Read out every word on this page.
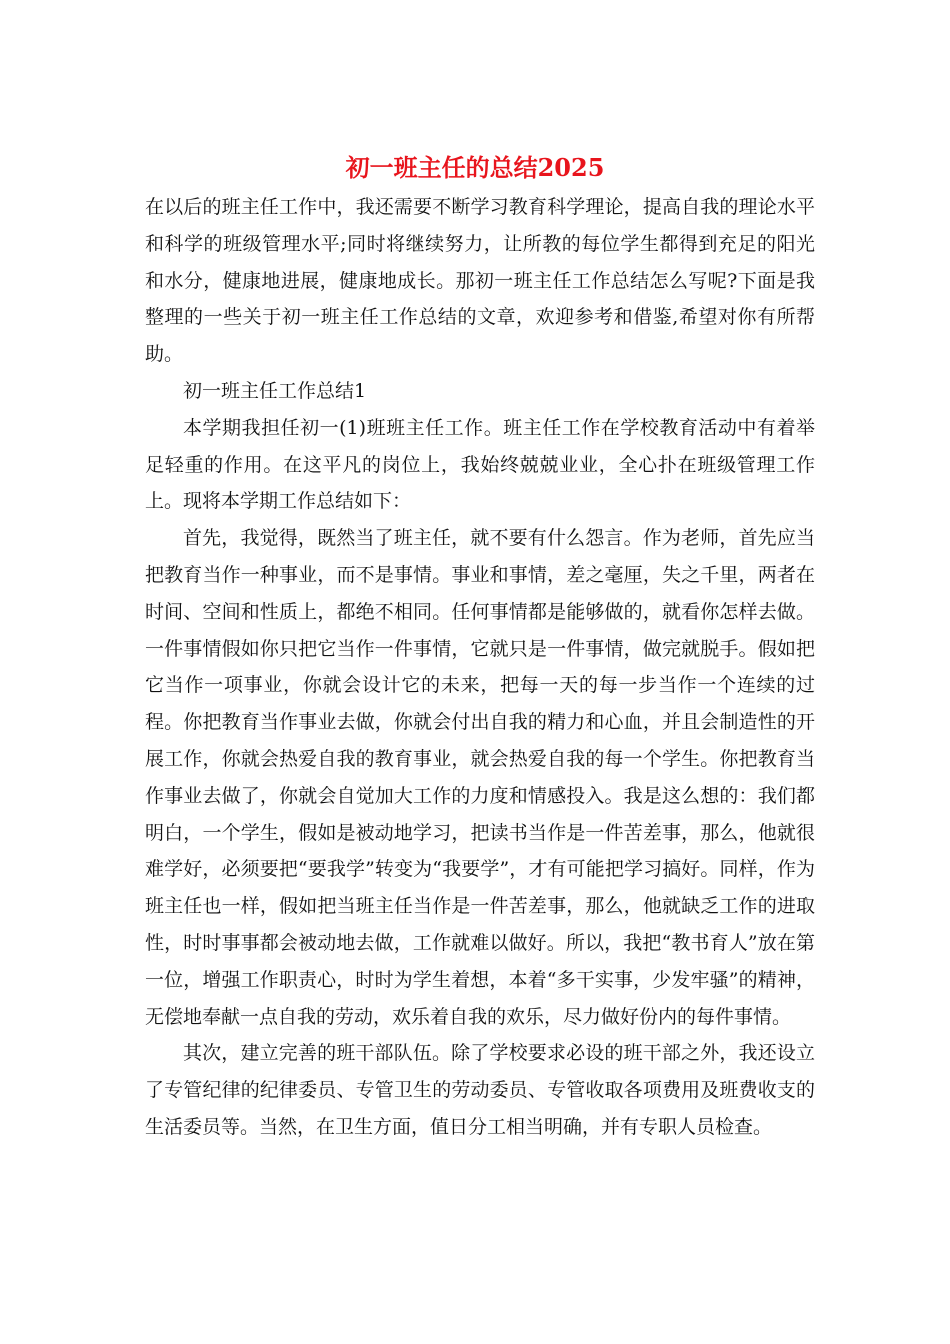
初一班主任的总结2025

在以后的班主任工作中，我还需要不断学习教育科学理论，提高自我的理论水平和科学的班级管理水平;同时将继续努力，让所教的每位学生都得到充足的阳光和水分，健康地进展，健康地成长。那初一班主任工作总结怎么写呢?下面是我整理的一些关于初一班主任工作总结的文章，欢迎参考和借鉴,希望对你有所帮助。

初一班主任工作总结1

本学期我担任初一(1)班班主任工作。班主任工作在学校教育活动中有着举足轻重的作用。在这平凡的岗位上，我始终兢兢业业，全心扑在班级管理工作上。现将本学期工作总结如下：

首先，我觉得，既然当了班主任，就不要有什么怨言。作为老师，首先应当把教育当作一种事业，而不是事情。事业和事情，差之毫厘，失之千里，两者在时间、空间和性质上，都绝不相同。任何事情都是能够做的，就看你怎样去做。一件事情假如你只把它当作一件事情，它就只是一件事情，做完就脱手。假如把它当作一项事业，你就会设计它的未来，把每一天的每一步当作一个连续的过程。你把教育当作事业去做，你就会付出自我的精力和心血，并且会制造性的开展工作，你就会热爱自我的教育事业，就会热爱自我的每一个学生。你把教育当作事业去做了，你就会自觉加大工作的力度和情感投入。我是这么想的：我们都明白，一个学生，假如是被动地学习，把读书当作是一件苦差事，那么，他就很难学好，必须要把“要我学”转变为“我要学”，才有可能把学习搞好。同样，作为班主任也一样，假如把当班主任当作是一件苦差事，那么，他就缺乏工作的进取性，时时事事都会被动地去做，工作就难以做好。所以，我把“教书育人”放在第一位，增强工作职责心，时时为学生着想，本着“多干实事，少发牢骚”的精神，无偿地奉献一点自我的劳动，欢乐着自我的欢乐，尽力做好份内的每件事情。

其次，建立完善的班干部队伍。除了学校要求必设的班干部之外，我还设立了专管纪律的纪律委员、专管卫生的劳动委员、专管收取各项费用及班费收支的生活委员等。当然，在卫生方面，值日分工相当明确，并有专职人员检查。
